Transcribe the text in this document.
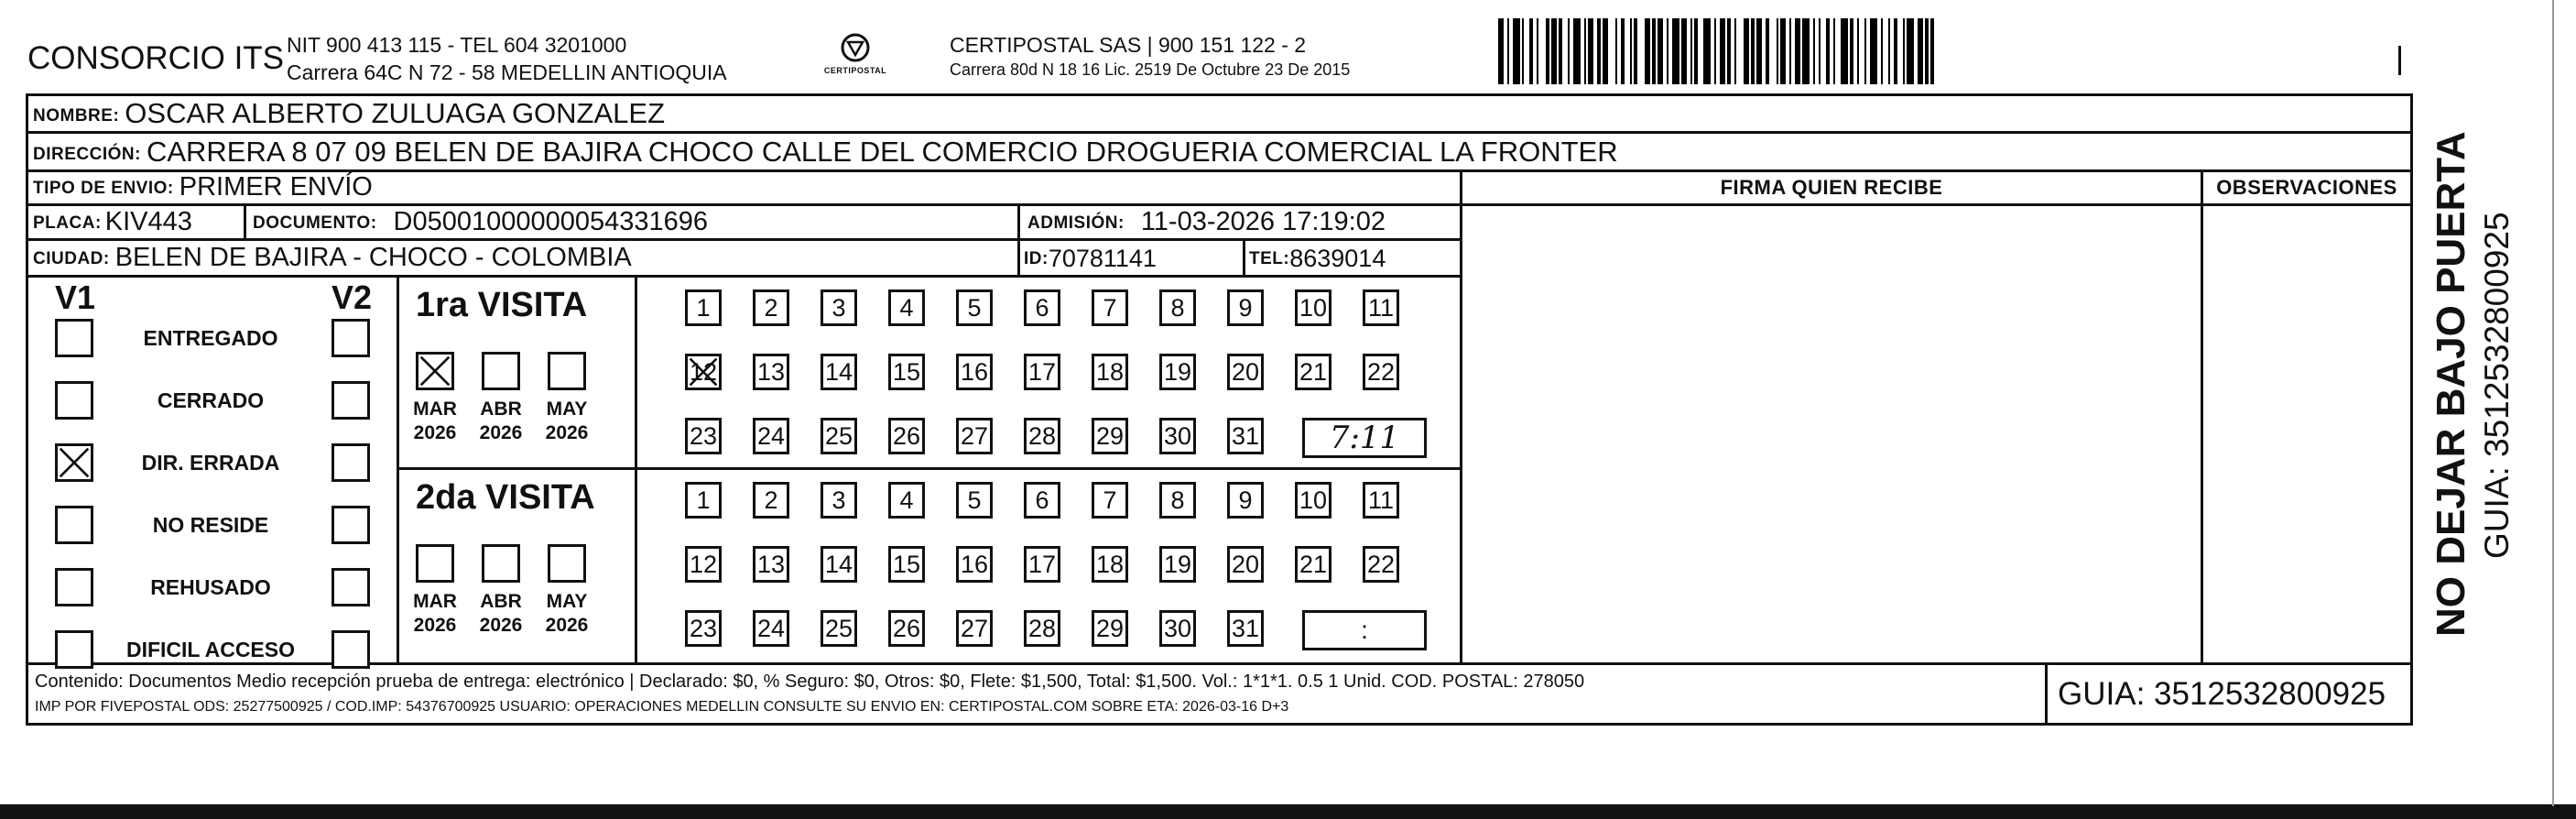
CONSORCIO ITS NIT 900 413 115 - TEL 604 3201000
Carrera 64C N 72 - 58 MEDELLIN ANTIOQUIA	CERTIPOSTAL
CERTIPOSTAL SAS | 900 151 122 - 2
Carrera 80d N 18 16 Lic. 2519 De Octubre 23 De 2015
NOMBRE: OSCAR ALBERTO ZULUAGA GONZALEZ
DIRECCIÓN: CARRERA 8 07 09 BELEN DE BAJIRA CHOCO CALLE DEL COMERCIO DROGUERIA COMERCIAL LA FRONTER
TIPO DE ENVIO: PRIMER ENVÍO	FIRMA QUIEN RECIBE	OBSERVACIONES
PLACA: KIV443	DOCUMENTO: D05001000000054331696	ADMISIÓN: 11-03-2026 17:19:02
CIUDAD: BELEN DE BAJIRA - CHOCO - COLOMBIA	ID: 70781141	TEL: 8639014
V1	V2
ENTREGADO
CERRADO
DIR. ERRADA
NO RESIDE
REHUSADO
DIFICIL ACCESO
1ra VISITA
MAR
2026
ABR
2026
MAY
2026
1 2 3 4 5 6 7 8 9 10 11
12 13 14 15 16 17 18 19 20 21 22
23 24 25 26 27 28 29 30 31 7:11
2da VISITA
MAR
2026
ABR
2026
MAY
2026
1 2 3 4 5 6 7 8 9 10 11
12 13 14 15 16 17 18 19 20 21 22
23 24 25 26 27 28 29 30 31	:
Contenido: Documentos Medio recepción prueba de entrega: electrónico | Declarado: $0, % Seguro: $0, Otros: $0, Flete: $1,500, Total: $1,500. Vol.: 1*1*1. 0.5 1 Unid. COD. POSTAL: 278050
IMP POR FIVEPOSTAL ODS: 25277500925 / COD.IMP: 54376700925 USUARIO: OPERACIONES MEDELLIN CONSULTE SU ENVIO EN: CERTIPOSTAL.COM SOBRE ETA: 2026-03-16 D+3	GUIA: 3512532800925
NO DEJAR BAJO PUERTA GUIA: 3512532800925
